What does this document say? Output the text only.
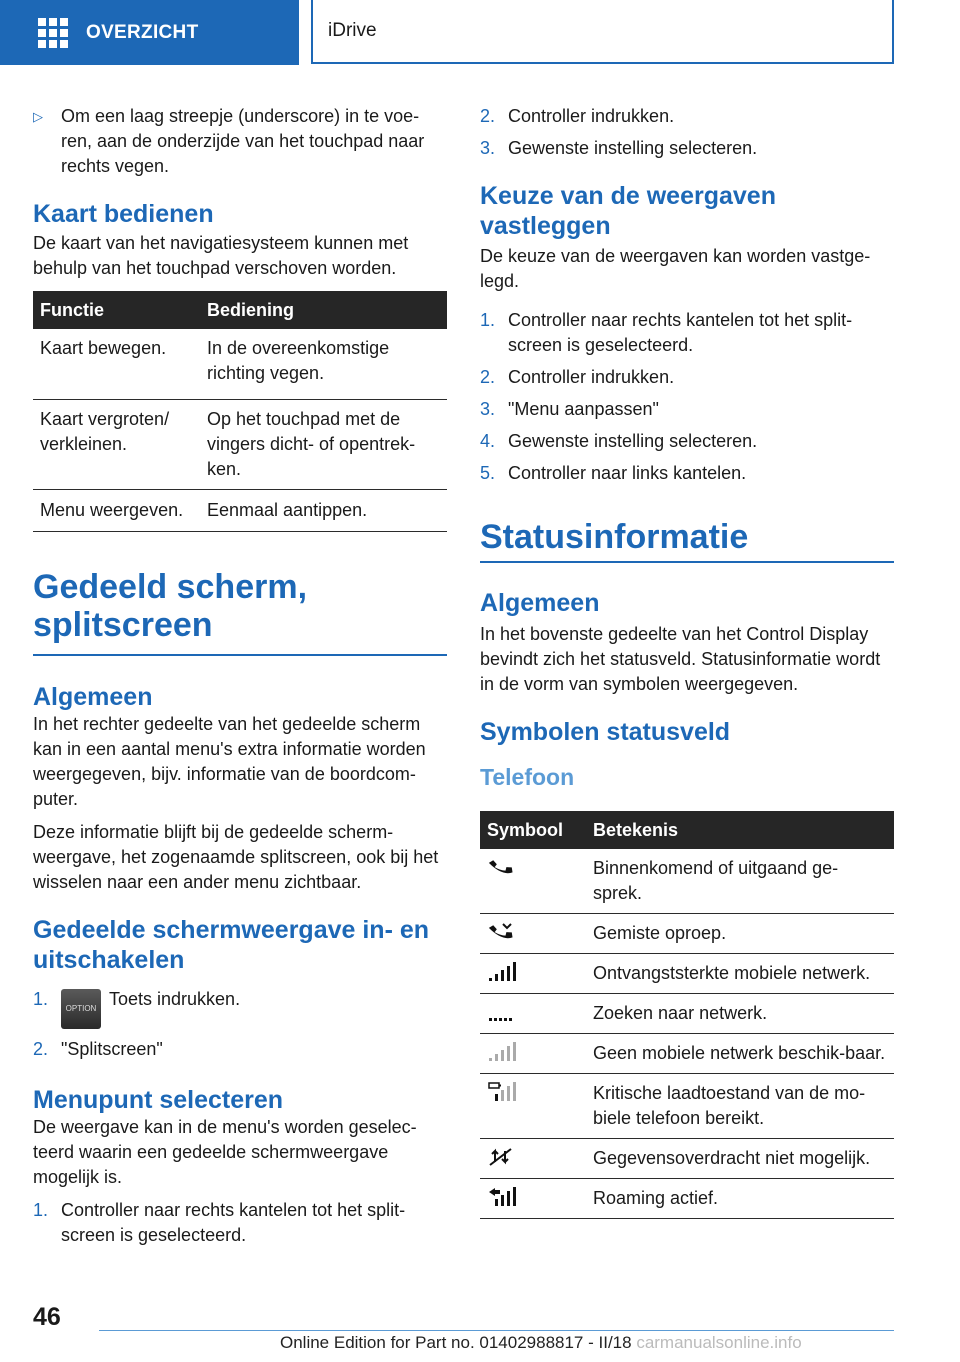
OVERZICHT	iDrive
▷	Om een laag streepje (underscore) in te voe-ren, aan de onderzijde van het touchpad naar rechts vegen.
Kaart bedienen

De kaart van het navigatiesysteem kunnen met behulp van het touchpad verschoven worden.

Functie	Bediening
Kaart bewegen.	In de overeenkomstige richting vegen.
Kaart vergroten/ verkleinen.	Op het touchpad met de vingers dicht- of opentrek-ken.
Menu weergeven.	Eenmaal aantippen.
Gedeeld scherm, splitscreen
Algemeen

In het rechter gedeelte van het gedeelde scherm kan in een aantal menu's extra informatie worden weergegeven, bijv. informatie van de boordcom-puter.

Deze informatie blijft bij de gedeelde scherm-weergave, het zogenaamde splitscreen, ook bij het wisselen naar een ander menu zichtbaar.

Gedeelde schermweergave in- en uitschakelen
1.	OPTION Toets indrukken.
2. "Splitscreen"
Menupunt selecteren

De weergave kan in de menu's worden geselec-teerd waarin een gedeelde schermweergave mogelijk is.

1. Controller naar rechts kantelen tot het split-screen is geselecteerd.
2. Controller indrukken.
3. Gewenste instelling selecteren.
Keuze van de weergaven vastleggen

De keuze van de weergaven kan worden vastge-legd.

1. Controller naar rechts kantelen tot het split-screen is geselecteerd.
2. Controller indrukken.
3. "Menu aanpassen"
4. Gewenste instelling selecteren.
5. Controller naar links kantelen.
Statusinformatie
Algemeen

In het bovenste gedeelte van het Control Display bevindt zich het statusveld. Statusinformatie wordt in de vorm van symbolen weergegeven.

Symbolen statusveld
Telefoon
Symbool	Betekenis

	Binnenkomend of uitgaand ge-sprek.

	Gemiste oproep.

	Ontvangststerkte mobiele netwerk.

	Zoeken naar netwerk.

	Geen mobiele netwerk beschik-baar.

	Kritische laadtoestand van de mo-biele telefoon bereikt.

	Gegevensoverdracht niet mogelijk.

	Roaming actief.
46
Online Edition for Part no. 01402988817 - II/18 carmanualsonline.info
